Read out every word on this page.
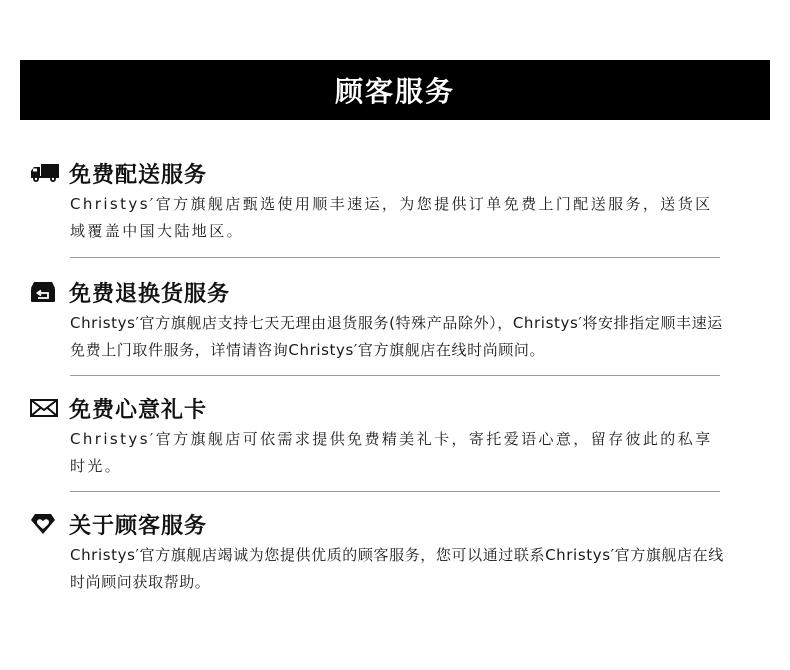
顾客服务
免费配送服务

Christys′官方旗舰店甄选使用顺丰速运，为您提供订单免费上门配送服务，送货区域覆盖中国大陆地区。

免费退换货服务

Christys′官方旗舰店支持七天无理由退货服务(特殊产品除外），Christys′将安排指定顺丰速运免费上门取件服务，详情请咨询Christys′官方旗舰店在线时尚顾问。

免费心意礼卡

Christys′官方旗舰店可依需求提供免费精美礼卡，寄托爱语心意，留存彼此的私享时光。

关于顾客服务

Christys′官方旗舰店竭诚为您提供优质的顾客服务，您可以通过联系Christys′官方旗舰店在线时尚顾问获取帮助。
